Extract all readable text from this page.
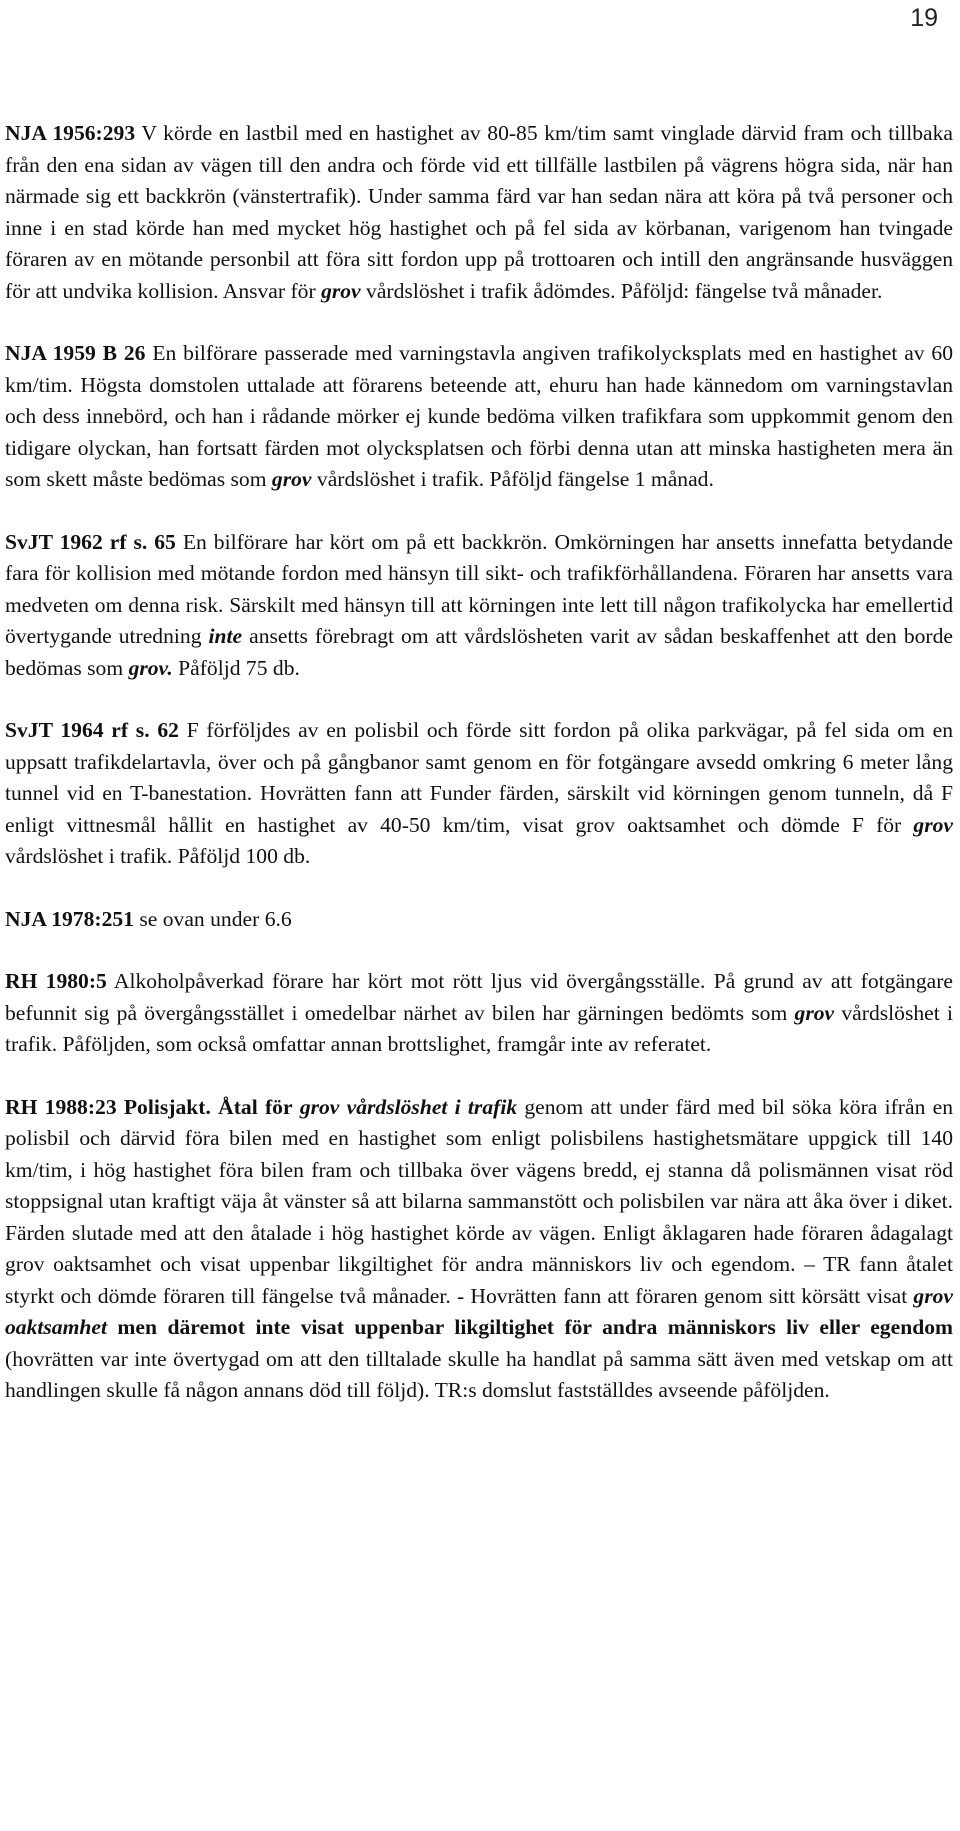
19

NJA 1956:293 V körde en lastbil med en hastighet av 80-85 km/tim samt vinglade därvid fram och tillbaka från den ena sidan av vägen till den andra och förde vid ett tillfälle lastbilen på vägrens högra sida, när han närmade sig ett backkrön (vänstertrafik). Under samma färd var han sedan nära att köra på två personer och inne i en stad körde han med mycket hög hastighet och på fel sida av körbanan, varigenom han tvingade föraren av en mötande personbil att föra sitt fordon upp på trottoaren och intill den angränsande husväggen för att undvika kollision. Ansvar för grov vårdslöshet i trafik ådömdes. Påföljd: fängelse två månader.

NJA 1959 B 26 En bilförare passerade med varningstavla angiven trafikolycksplats med en hastighet av 60 km/tim. Högsta domstolen uttalade att förarens beteende att, ehuru han hade kännedom om varningstavlan och dess innebörd, och han i rådande mörker ej kunde bedöma vilken trafikfara som uppkommit genom den tidigare olyckan, han fortsatt färden mot olycksplatsen och förbi denna utan att minska hastigheten mera än som skett måste bedömas som grov vårdslöshet i trafik. Påföljd fängelse 1 månad.

SvJT 1962 rf s. 65 En bilförare har kört om på ett backkrön. Omkörningen har ansetts innefatta betydande fara för kollision med mötande fordon med hänsyn till sikt- och trafikförhållandena. Föraren har ansetts vara medveten om denna risk. Särskilt med hänsyn till att körningen inte lett till någon trafikolycka har emellertid övertygande utredning inte ansetts förebragt om att vårdslösheten varit av sådan beskaffenhet att den borde bedömas som grov. Påföljd 75 db.

SvJT 1964 rf s. 62 F förföljdes av en polisbil och förde sitt fordon på olika parkvägar, på fel sida om en uppsatt trafikdelartavla, över och på gångbanor samt genom en för fotgängare avsedd omkring 6 meter lång tunnel vid en T-banestation. Hovrätten fann att Funder färden, särskilt vid körningen genom tunneln, då F enligt vittnesmål hållit en hastighet av 40-50 km/tim, visat grov oaktsamhet och dömde F för grov vårdslöshet i trafik. Påföljd 100 db.

NJA 1978:251 se ovan under 6.6

RH 1980:5 Alkoholpåverkad förare har kört mot rött ljus vid övergångsställe. På grund av att fotgängare befunnit sig på övergångsstället i omedelbar närhet av bilen har gärningen bedömts som grov vårdslöshet i trafik. Påföljden, som också omfattar annan brottslighet, framgår inte av referatet.

RH 1988:23 Polisjakt. Åtal för grov vårdslöshet i trafik genom att under färd med bil söka köra ifrån en polisbil och därvid föra bilen med en hastighet som enligt polisbilens hastighetsmätare uppgick till 140 km/tim, i hög hastighet föra bilen fram och tillbaka över vägens bredd, ej stanna då polismännen visat röd stoppsignal utan kraftigt väja åt vänster så att bilarna sammanstött och polisbilen var nära att åka över i diket. Färden slutade med att den åtalade i hög hastighet körde av vägen. Enligt åklagaren hade föraren ådagalagt grov oaktsamhet och visat uppenbar likgiltighet för andra människors liv och egendom. – TR fann åtalet styrkt och dömde föraren till fängelse två månader. - Hovrätten fann att föraren genom sitt körsätt visat grov oaktsamhet men däremot inte visat uppenbar likgiltighet för andra människors liv eller egendom (hovrätten var inte övertygad om att den tilltalade skulle ha handlat på samma sätt även med vetskap om att handlingen skulle få någon annans död till följd). TR:s domslut fastställdes avseende påföljden.
